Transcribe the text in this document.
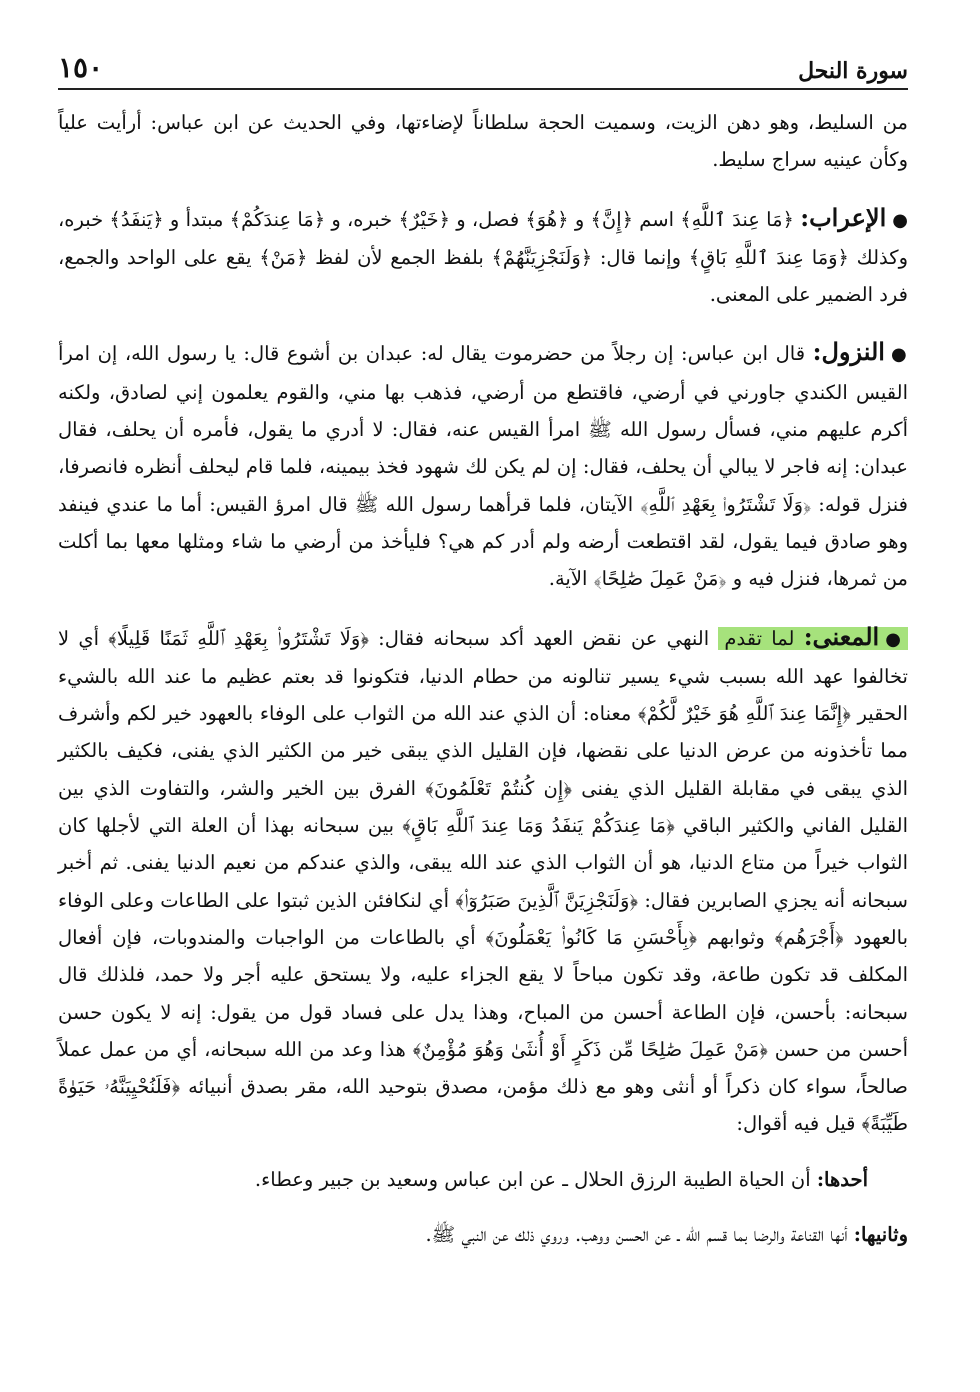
سورة النحل
١٥٠

من السليط، وهو دهن الزيت، وسميت الحجة سلطاناً لإضاءتها، وفي الحديث عن ابن عباس: أرأيت علياً وكأن عينيه سراج سليط.

●الإعراب: ﴿مَا عِندَ ٱللَّهِ﴾ اسم ﴿إِنَّ﴾ و ﴿هُوَ﴾ فصل، و ﴿خَيْرٌ﴾ خبره، و ﴿مَا عِندَكُمْ﴾ مبتدأ و ﴿يَنفَدُ﴾ خبره، وكذلك ﴿وَمَا عِندَ ٱللَّهِ بَاقٍ﴾ وإنما قال: ﴿وَلَنَجْزِيَنَّهُمْ﴾ بلفظ الجمع لأن لفظ ﴿مَنْ﴾ يقع على الواحد والجمع، فرد الضمير على المعنى.

●النزول: قال ابن عباس: إن رجلاً من حضرموت يقال له: عبدان بن أشوع قال: يا رسول الله، إن امرأ القيس الكندي جاورني في أرضي، فاقتطع من أرضي، فذهب بها مني، والقوم يعلمون إني لصادق، ولكنه أكرم عليهم مني، فسأل رسول الله ﷺ امرأ القيس عنه، فقال: لا أدري ما يقول، فأمره أن يحلف، فقال عبدان: إنه فاجر لا يبالي أن يحلف، فقال: إن لم يكن لك شهود فخذ بيمينه، فلما قام ليحلف أنظره فانصرفا، فنزل قوله: ﴿وَلَا تَشْتَرُوا۟ بِعَهْدِ ٱللَّهِ﴾ الآيتان، فلما قرأهما رسول الله ﷺ قال امرؤ القيس: أما ما عندي فينفد وهو صادق فيما يقول، لقد اقتطعت أرضه ولم أدر كم هي؟ فليأخذ من أرضي ما شاء ومثلها معها بما أكلت من ثمرها، فنزل فيه و ﴿مَنْ عَمِلَ صَٰلِحًا﴾ الآية.

●المعنى: لما تقدم النهي عن نقض العهد أكد سبحانه فقال: ﴿وَلَا تَشْتَرُوا۟ بِعَهْدِ ٱللَّهِ ثَمَنًا قَلِيلًا﴾ أي لا تخالفوا عهد الله بسبب شيء يسير تنالونه من حطام الدنيا، فتكونوا قد بعتم عظيم ما عند الله بالشيء الحقير ﴿إِنَّمَا عِندَ ٱللَّهِ هُوَ خَيْرٌ لَّكُمْ﴾ معناه: أن الذي عند الله من الثواب على الوفاء بالعهود خير لكم وأشرف مما تأخذونه من عرض الدنيا على نقضها، فإن القليل الذي يبقى خير من الكثير الذي يفنى، فكيف بالكثير الذي يبقى في مقابلة القليل الذي يفنى ﴿إِن كُنتُمْ تَعْلَمُونَ﴾ الفرق بين الخير والشر، والتفاوت الذي بين القليل الفاني والكثير الباقي ﴿مَا عِندَكُمْ يَنفَدُ وَمَا عِندَ ٱللَّهِ بَاقٍ﴾ بين سبحانه بهذا أن العلة التي لأجلها كان الثواب خيراً من متاع الدنيا، هو أن الثواب الذي عند الله يبقى، والذي عندكم من نعيم الدنيا يفنى. ثم أخبر سبحانه أنه يجزي الصابرين فقال: ﴿وَلَنَجْزِيَنَّ ٱلَّذِينَ صَبَرُوٓا۟﴾ أي لنكافئن الذين ثبتوا على الطاعات وعلى الوفاء بالعهود ﴿أَجْرَهُم﴾ وثوابهم ﴿بِأَحْسَنِ مَا كَانُوا۟ يَعْمَلُونَ﴾ أي بالطاعات من الواجبات والمندوبات، فإن أفعال المكلف قد تكون طاعة، وقد تكون مباحاً لا يقع الجزاء عليه، ولا يستحق عليه أجر ولا حمد، فلذلك قال سبحانه: بأحسن، فإن الطاعة أحسن من المباح، وهذا يدل على فساد قول من يقول: إنه لا يكون حسن أحسن من حسن ﴿مَنْ عَمِلَ صَٰلِحًا مِّن ذَكَرٍ أَوْ أُنثَىٰ وَهُوَ مُؤْمِنٌ﴾ هذا وعد من الله سبحانه، أي من عمل عملاً صالحاً، سواء كان ذكراً أو أنثى وهو مع ذلك مؤمن، مصدق بتوحيد الله، مقر بصدق أنبيائه ﴿فَلَنُحْيِيَنَّهُۥ حَيَوٰةً طَيِّبَةً﴾ قيل فيه أقوال:

أحدها: أن الحياة الطيبة الرزق الحلال ـ عن ابن عباس وسعيد بن جبير وعطاء.

وثانيها: أنها القناعة والرضا بما قسم الله ـ عن الحسن ووهب. وروي ذلك عن النبي ﷺ.
